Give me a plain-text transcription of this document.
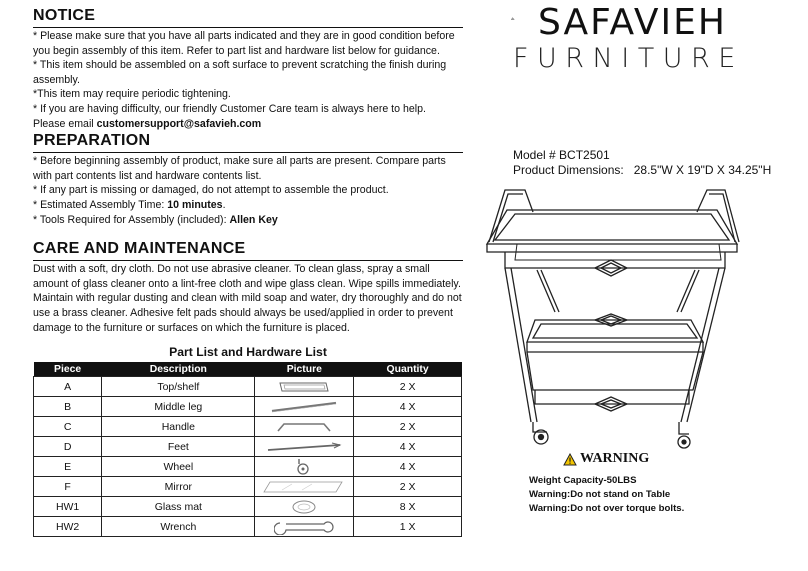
NOTICE

* Please make sure that you have all parts indicated and they are in good condition before you begin assembly of this item. Refer to part list and hardware list below for guidance.
* This item should be assembled on a soft surface to prevent scratching the finish during assembly.
*This item may require periodic tightening.
* If you are having difficulty, our friendly Customer Care team is always here to help.
Please email customersupport@safavieh.com

PREPARATION

* Before beginning assembly of product, make sure all parts are present. Compare parts with part contents list and hardware contents list.
* If any part is missing or damaged, do not attempt to assemble the product.
* Estimated Assembly Time: 10 minutes.
* Tools Required for Assembly (included): Allen Key

CARE AND MAINTENANCE

Dust with a soft, dry cloth. Do not use abrasive cleaner. To clean glass, spray a small amount of glass cleaner onto a lint-free cloth and wipe glass clean. Wipe spills immediately. Maintain with regular dusting and clean with mild soap and water, dry thoroughly and do not use a brass cleaner. Adhesive felt pads should always be used/applied in order to prevent damage to the furniture or surfaces on which the furniture is placed.

Part List and Hardware List
Piece	Description	Picture	Quantity
A	Top/shelf		2 X
B	Middle leg		4 X
C	Handle		2 X
D	Feet		4 X
E	Wheel		4 X
F	Mirror		2 X
HW1	Glass mat		8 X
HW2	Wrench		1 X
SAFAVIEH
FURNITURE
Model # BCT2501
Product Dimensions:   28.5"W X 19"D X 34.25"H
WARNING
Weight Capacity-50LBS
Warning:Do not stand on Table
Warning:Do not over torque bolts.
